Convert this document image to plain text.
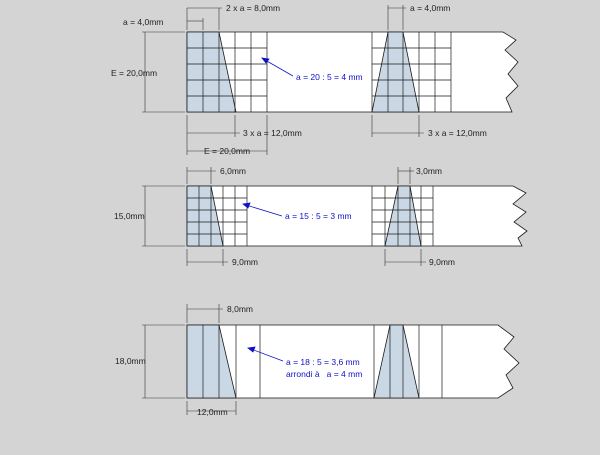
a = 4,0mm
2 x a = 8,0mm	a = 4,0mm
E = 20,0mm	a = 20 : 5 = 4 mm
3 x a = 12,0mm	3 x a = 12,0mm
E = 20,0mm
6,0mm	3,0mm
15,0mm	a = 15 : 5 = 3 mm
9,0mm	9,0mm
8,0mm
18,0mm	a = 18 : 5 = 3,6 mm
arrondi à   a = 4 mm
12,0mm
